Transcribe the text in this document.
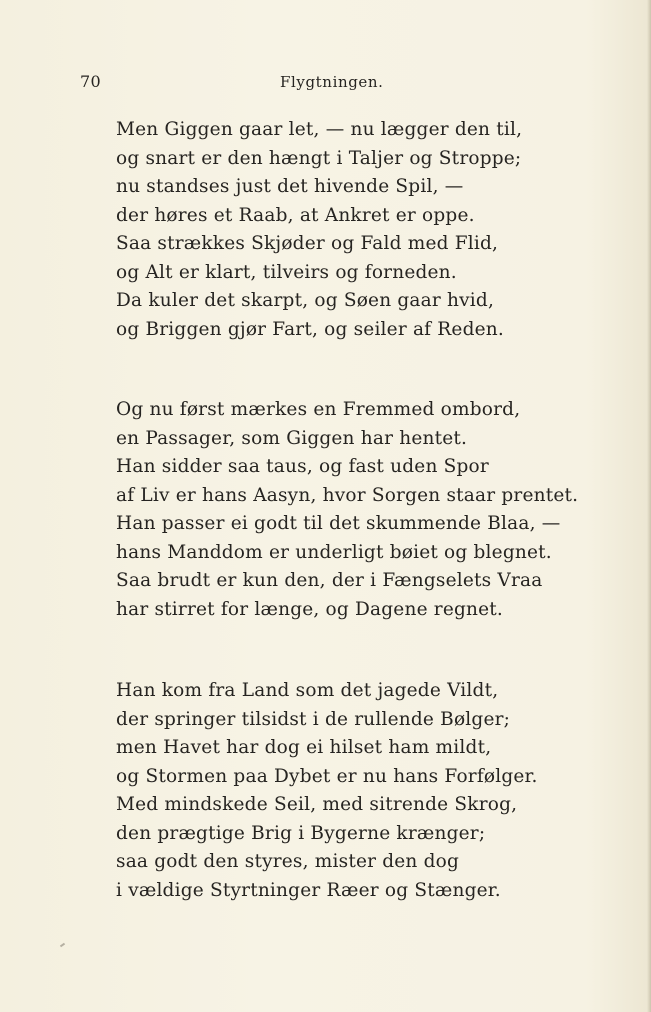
70	Flygtningen.
Men Giggen gaar let, — nu lægger den til,
og snart er den hængt i Taljer og Stroppe;
nu standses just det hivende Spil, —
der høres et Raab, at Ankret er oppe.
Saa strækkes Skjøder og Fald med Flid,
og Alt er klart, tilveirs og forneden.
Da kuler det skarpt, og Søen gaar hvid,
og Briggen gjør Fart, og seiler af Reden.
Og nu først mærkes en Fremmed ombord,
en Passager, som Giggen har hentet.
Han sidder saa taus, og fast uden Spor
af Liv er hans Aasyn, hvor Sorgen staar prentet.
Han passer ei godt til det skummende Blaa, —
hans Manddom er underligt bøiet og blegnet.
Saa brudt er kun den, der i Fængselets Vraa
har stirret for længe, og Dagene regnet.
Han kom fra Land som det jagede Vildt,
der springer tilsidst i de rullende Bølger;
men Havet har dog ei hilset ham mildt,
og Stormen paa Dybet er nu hans Forfølger.
Med mindskede Seil, med sitrende Skrog,
den prægtige Brig i Bygerne krænger;
saa godt den styres, mister den dog
i vældige Styrtninger Ræer og Stænger.
